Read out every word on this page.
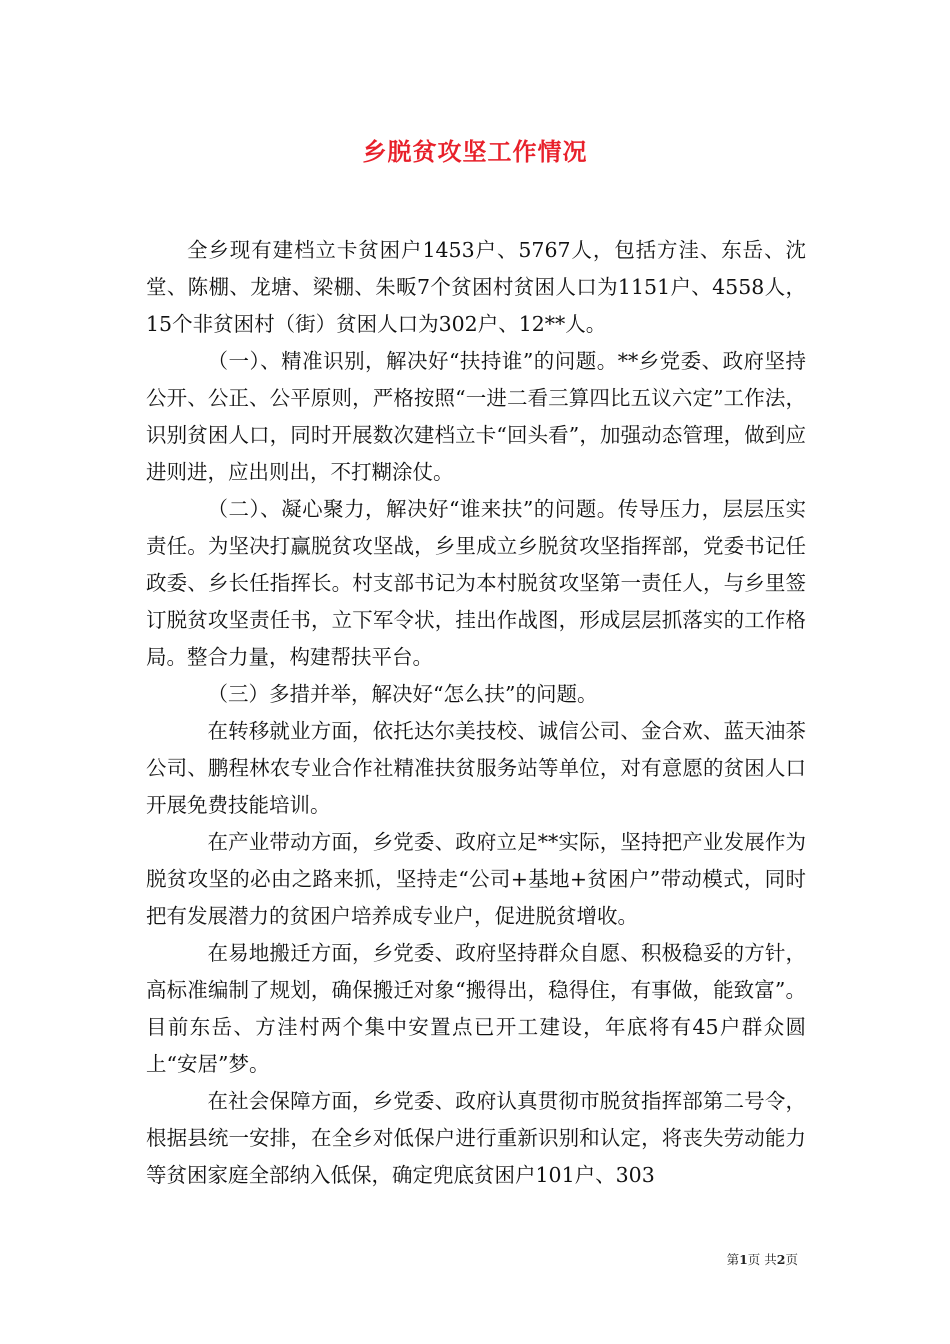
乡脱贫攻坚工作情况

全乡现有建档立卡贫困户1453户、5767人，包括方洼、东岳、沈堂、陈棚、龙塘、梁棚、朱畈7个贫困村贫困人口为1151户、4558人，15个非贫困村（街）贫困人口为302户、12**人。

（一）、精准识别，解决好“扶持谁”的问题。**乡党委、政府坚持公开、公正、公平原则，严格按照“一进二看三算四比五议六定”工作法，识别贫困人口，同时开展数次建档立卡“回头看”，加强动态管理，做到应进则进，应出则出，不打糊涂仗。

（二）、凝心聚力，解决好“谁来扶”的问题。传导压力，层层压实责任。为坚决打赢脱贫攻坚战，乡里成立乡脱贫攻坚指挥部，党委书记任政委、乡长任指挥长。村支部书记为本村脱贫攻坚第一责任人，与乡里签订脱贫攻坚责任书，立下军令状，挂出作战图，形成层层抓落实的工作格局。整合力量，构建帮扶平台。

（三）多措并举，解决好“怎么扶”的问题。

在转移就业方面，依托达尔美技校、诚信公司、金合欢、蓝天油茶公司、鹏程林农专业合作社精准扶贫服务站等单位，对有意愿的贫困人口开展免费技能培训。

在产业带动方面，乡党委、政府立足**实际，坚持把产业发展作为脱贫攻坚的必由之路来抓，坚持走“公司+基地+贫困户”带动模式，同时把有发展潜力的贫困户培养成专业户，促进脱贫增收。

在易地搬迁方面，乡党委、政府坚持群众自愿、积极稳妥的方针，高标准编制了规划，确保搬迁对象“搬得出，稳得住，有事做，能致富”。目前东岳、方洼村两个集中安置点已开工建设，年底将有45户群众圆上“安居”梦。

在社会保障方面，乡党委、政府认真贯彻市脱贫指挥部第二号令，根据县统一安排，在全乡对低保户进行重新识别和认定，将丧失劳动能力等贫困家庭全部纳入低保，确定兜底贫困户101户、303

第1页 共2页
